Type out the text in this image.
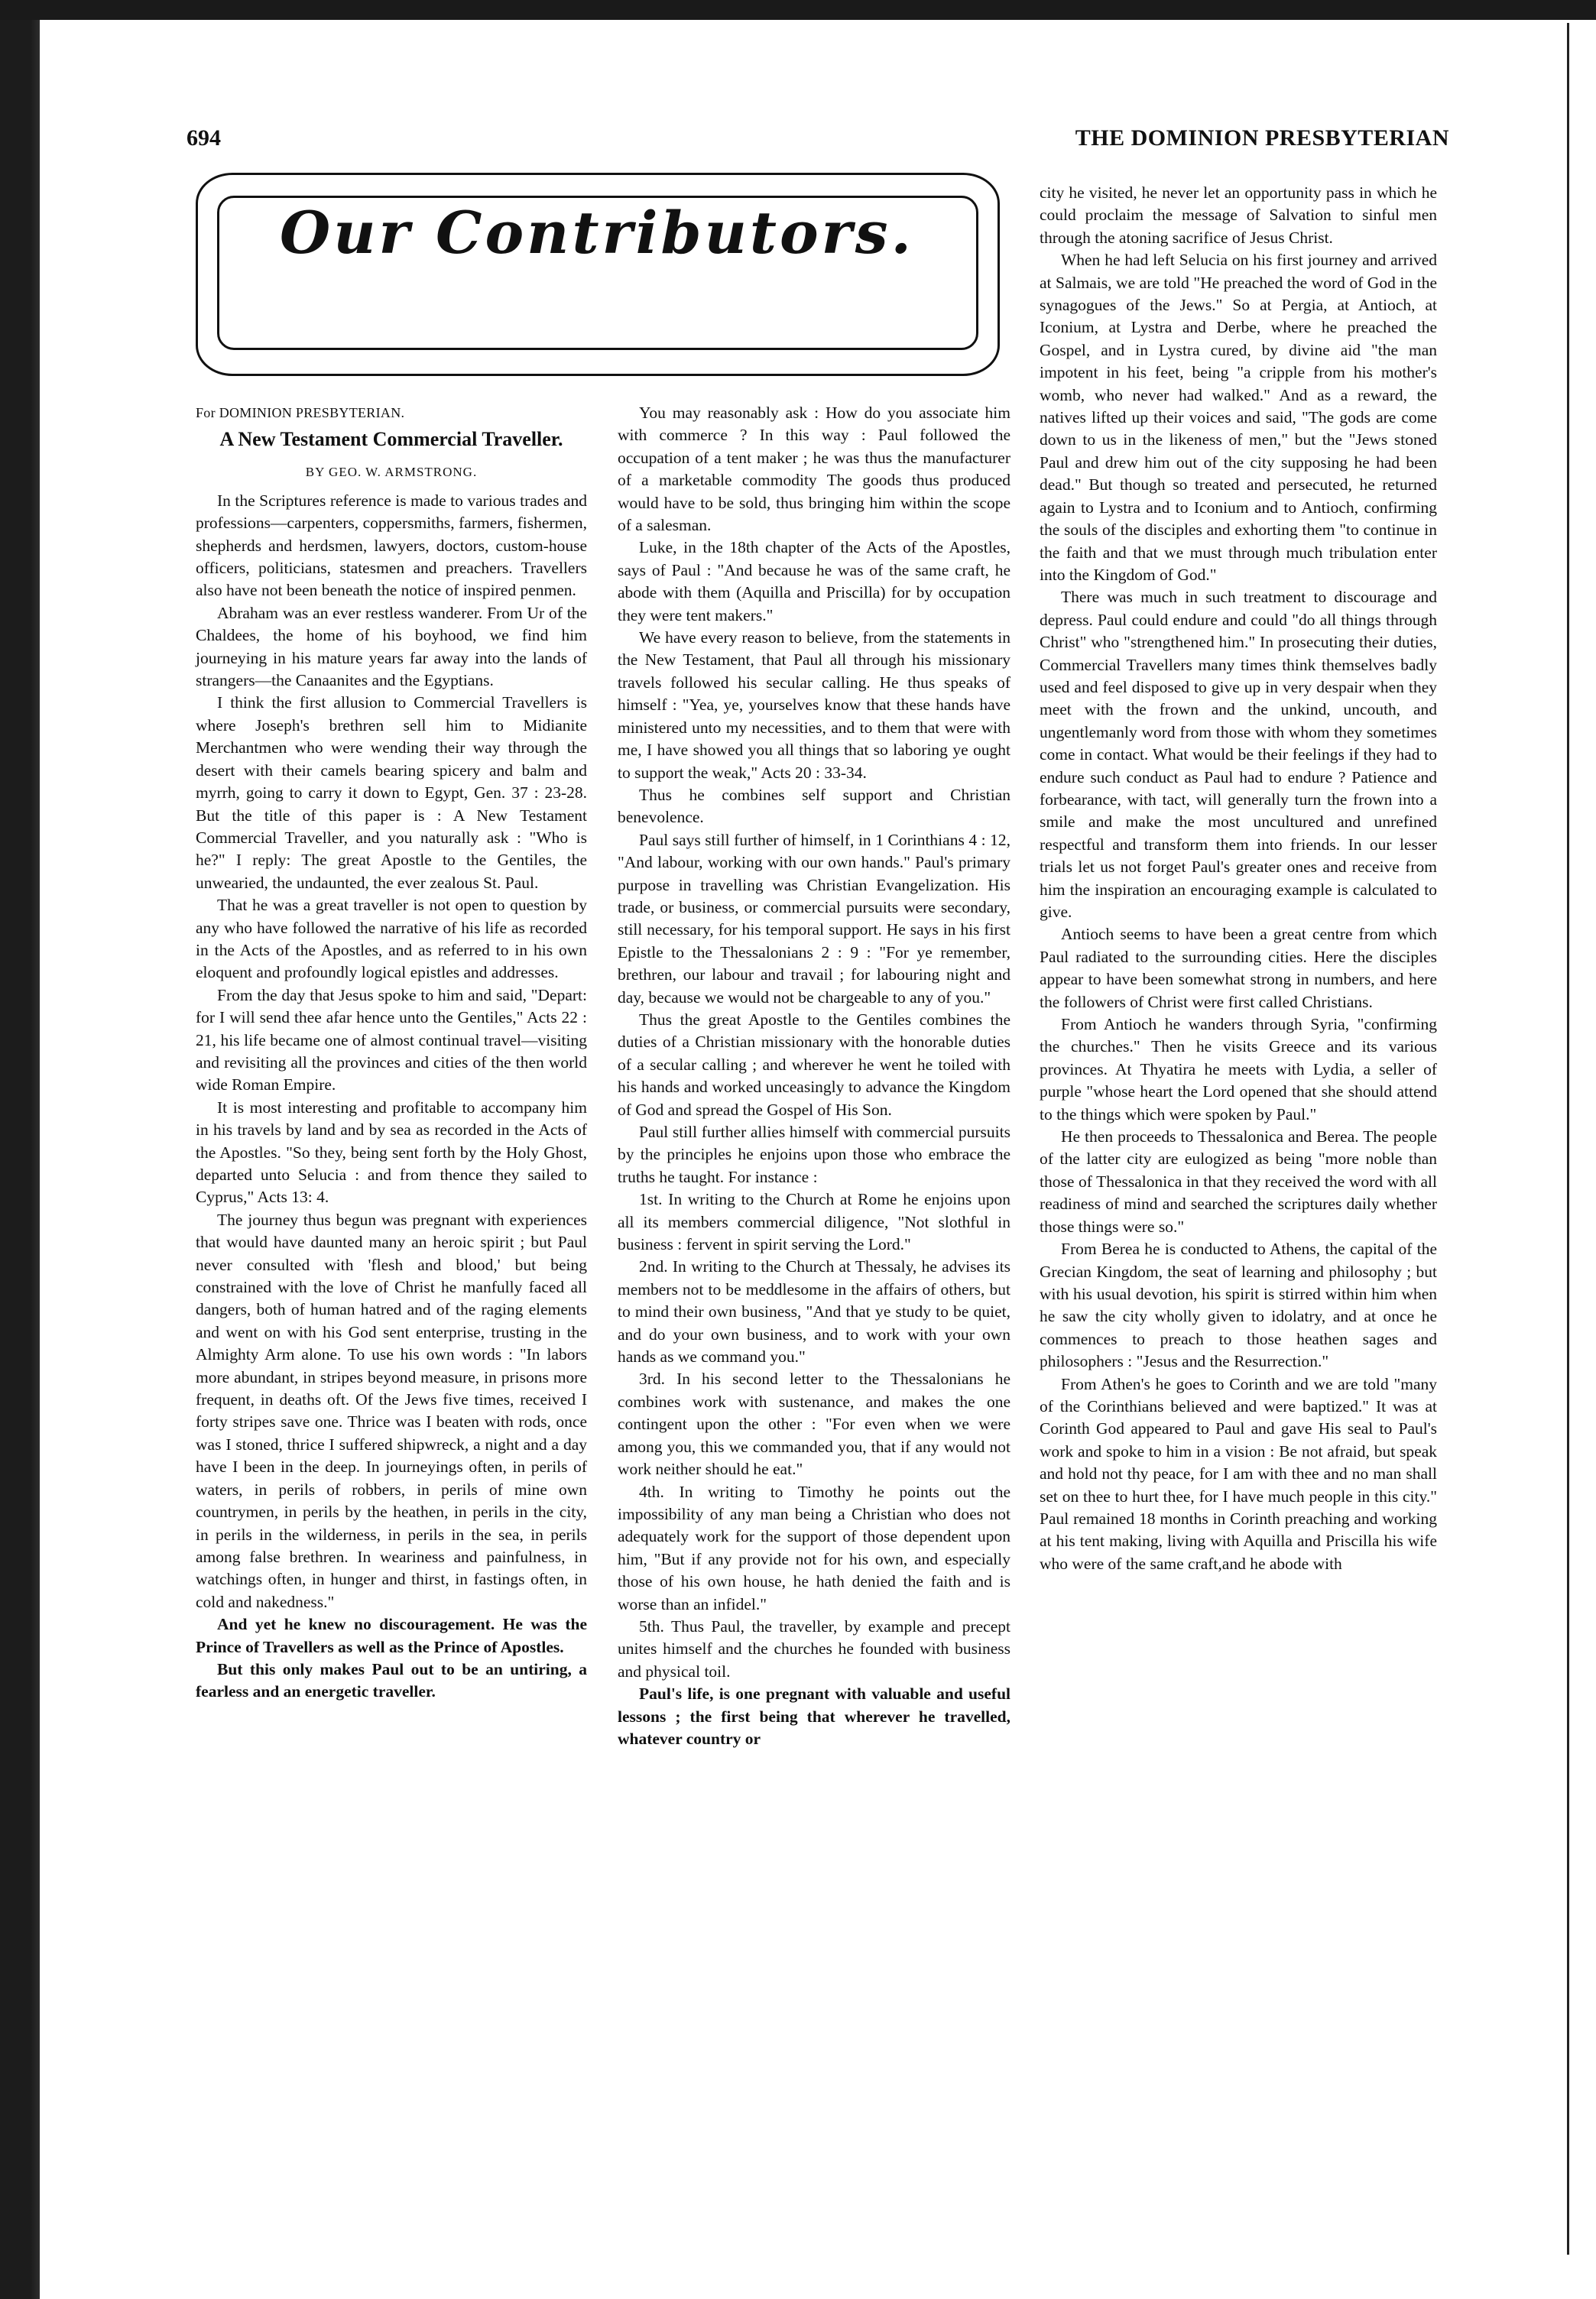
694	THE DOMINION PRESBYTERIAN
Our Contributors.

For DOMINION PRESBYTERIAN.

A New Testament Commercial Traveller.

BY GEO. W. ARMSTRONG.

In the Scriptures reference is made to various trades and professions—carpenters, coppersmiths, farmers, fishermen, shepherds and herdsmen, lawyers, doctors, custom-house officers, politicians, statesmen and preachers. Travellers also have not been beneath the notice of inspired penmen.

Abraham was an ever restless wanderer. From Ur of the Chaldees, the home of his boyhood, we find him journeying in his mature years far away into the lands of strangers—the Canaanites and the Egyptians.

I think the first allusion to Commercial Travellers is where Joseph's brethren sell him to Midianite Merchantmen who were wending their way through the desert with their camels bearing spicery and balm and myrrh, going to carry it down to Egypt, Gen. 37 : 23-28. But the title of this paper is : A New Testament Commercial Traveller, and you naturally ask : "Who is he?" I reply: The great Apostle to the Gentiles, the unwearied, the undaunted, the ever zealous St. Paul.

That he was a great traveller is not open to question by any who have followed the narrative of his life as recorded in the Acts of the Apostles, and as referred to in his own eloquent and profoundly logical epistles and addresses.

From the day that Jesus spoke to him and said, "Depart: for I will send thee afar hence unto the Gentiles," Acts 22 : 21, his life became one of almost continual travel—visiting and revisiting all the provinces and cities of the then world wide Roman Empire.

It is most interesting and profitable to accompany him in his travels by land and by sea as recorded in the Acts of the Apostles. "So they, being sent forth by the Holy Ghost, departed unto Selucia : and from thence they sailed to Cyprus," Acts 13: 4.

The journey thus begun was pregnant with experiences that would have daunted many an heroic spirit ; but Paul never consulted with 'flesh and blood,' but being constrained with the love of Christ he manfully faced all dangers, both of human hatred and of the raging elements and went on with his God sent enterprise, trusting in the Almighty Arm alone. To use his own words : "In labors more abundant, in stripes beyond measure, in prisons more frequent, in deaths oft. Of the Jews five times, received I forty stripes save one. Thrice was I beaten with rods, once was I stoned, thrice I suffered shipwreck, a night and a day have I been in the deep. In journeyings often, in perils of waters, in perils of robbers, in perils of mine own countrymen, in perils by the heathen, in perils in the city, in perils in the wilderness, in perils in the sea, in perils among false brethren. In weariness and painfulness, in watchings often, in hunger and thirst, in fastings often, in cold and nakedness."

And yet he knew no discouragement. He was the Prince of Travellers as well as the Prince of Apostles.

But this only makes Paul out to be an untiring, a fearless and an energetic traveller.

You may reasonably ask : How do you associate him with commerce ? In this way : Paul followed the occupation of a tent maker ; he was thus the manufacturer of a marketable commodity The goods thus produced would have to be sold, thus bringing him within the scope of a salesman.

Luke, in the 18th chapter of the Acts of the Apostles, says of Paul : "And because he was of the same craft, he abode with them (Aquilla and Priscilla) for by occupation they were tent makers."

We have every reason to believe, from the statements in the New Testament, that Paul all through his missionary travels followed his secular calling. He thus speaks of himself : "Yea, ye, yourselves know that these hands have ministered unto my necessities, and to them that were with me, I have showed you all things that so laboring ye ought to support the weak," Acts 20 : 33-34.

Thus he combines self support and Christian benevolence.

Paul says still further of himself, in 1 Corinthians 4 : 12, "And labour, working with our own hands." Paul's primary purpose in travelling was Christian Evangelization. His trade, or business, or commercial pursuits were secondary, still necessary, for his temporal support. He says in his first Epistle to the Thessalonians 2 : 9 : "For ye remember, brethren, our labour and travail ; for labouring night and day, because we would not be chargeable to any of you."

Thus the great Apostle to the Gentiles combines the duties of a Christian missionary with the honorable duties of a secular calling ; and wherever he went he toiled with his hands and worked unceasingly to advance the Kingdom of God and spread the Gospel of His Son.

Paul still further allies himself with commercial pursuits by the principles he enjoins upon those who embrace the truths he taught. For instance :

1st. In writing to the Church at Rome he enjoins upon all its members commercial diligence, "Not slothful in business : fervent in spirit serving the Lord."

2nd. In writing to the Church at Thessaly, he advises its members not to be meddlesome in the affairs of others, but to mind their own business, "And that ye study to be quiet, and do your own business, and to work with your own hands as we command you."

3rd. In his second letter to the Thessalonians he combines work with sustenance, and makes the one contingent upon the other : "For even when we were among you, this we commanded you, that if any would not work neither should he eat."

4th. In writing to Timothy he points out the impossibility of any man being a Christian who does not adequately work for the support of those dependent upon him, "But if any provide not for his own, and especially those of his own house, he hath denied the faith and is worse than an infidel."

5th. Thus Paul, the traveller, by example and precept unites himself and the churches he founded with business and physical toil.

Paul's life, is one pregnant with valuable and useful lessons ; the first being that wherever he travelled, whatever country or

city he visited, he never let an opportunity pass in which he could proclaim the message of Salvation to sinful men through the atoning sacrifice of Jesus Christ.

When he had left Selucia on his first journey and arrived at Salmais, we are told "He preached the word of God in the synagogues of the Jews." So at Pergia, at Antioch, at Iconium, at Lystra and Derbe, where he preached the Gospel, and in Lystra cured, by divine aid "the man impotent in his feet, being "a cripple from his mother's womb, who never had walked." And as a reward, the natives lifted up their voices and said, "The gods are come down to us in the likeness of men," but the "Jews stoned Paul and drew him out of the city supposing he had been dead." But though so treated and persecuted, he returned again to Lystra and to Iconium and to Antioch, confirming the souls of the disciples and exhorting them "to continue in the faith and that we must through much tribulation enter into the Kingdom of God."

There was much in such treatment to discourage and depress. Paul could endure and could "do all things through Christ" who "strengthened him." In prosecuting their duties, Commercial Travellers many times think themselves badly used and feel disposed to give up in very despair when they meet with the frown and the unkind, uncouth, and ungentlemanly word from those with whom they sometimes come in contact. What would be their feelings if they had to endure such conduct as Paul had to endure ? Patience and forbearance, with tact, will generally turn the frown into a smile and make the most uncultured and unrefined respectful and transform them into friends. In our lesser trials let us not forget Paul's greater ones and receive from him the inspiration an encouraging example is calculated to give.

Antioch seems to have been a great centre from which Paul radiated to the surrounding cities. Here the disciples appear to have been somewhat strong in numbers, and here the followers of Christ were first called Christians.

From Antioch he wanders through Syria, "confirming the churches." Then he visits Greece and its various provinces. At Thyatira he meets with Lydia, a seller of purple "whose heart the Lord opened that she should attend to the things which were spoken by Paul."

He then proceeds to Thessalonica and Berea. The people of the latter city are eulogized as being "more noble than those of Thessalonica in that they received the word with all readiness of mind and searched the scriptures daily whether those things were so."

From Berea he is conducted to Athens, the capital of the Grecian Kingdom, the seat of learning and philosophy ; but with his usual devotion, his spirit is stirred within him when he saw the city wholly given to idolatry, and at once he commences to preach to those heathen sages and philosophers : "Jesus and the Resurrection."

From Athen's he goes to Corinth and we are told "many of the Corinthians believed and were baptized." It was at Corinth God appeared to Paul and gave His seal to Paul's work and spoke to him in a vision : Be not afraid, but speak and hold not thy peace, for I am with thee and no man shall set on thee to hurt thee, for I have much people in this city." Paul remained 18 months in Corinth preaching and working at his tent making, living with Aquilla and Priscilla his wife who were of the same craft,and he abode with
